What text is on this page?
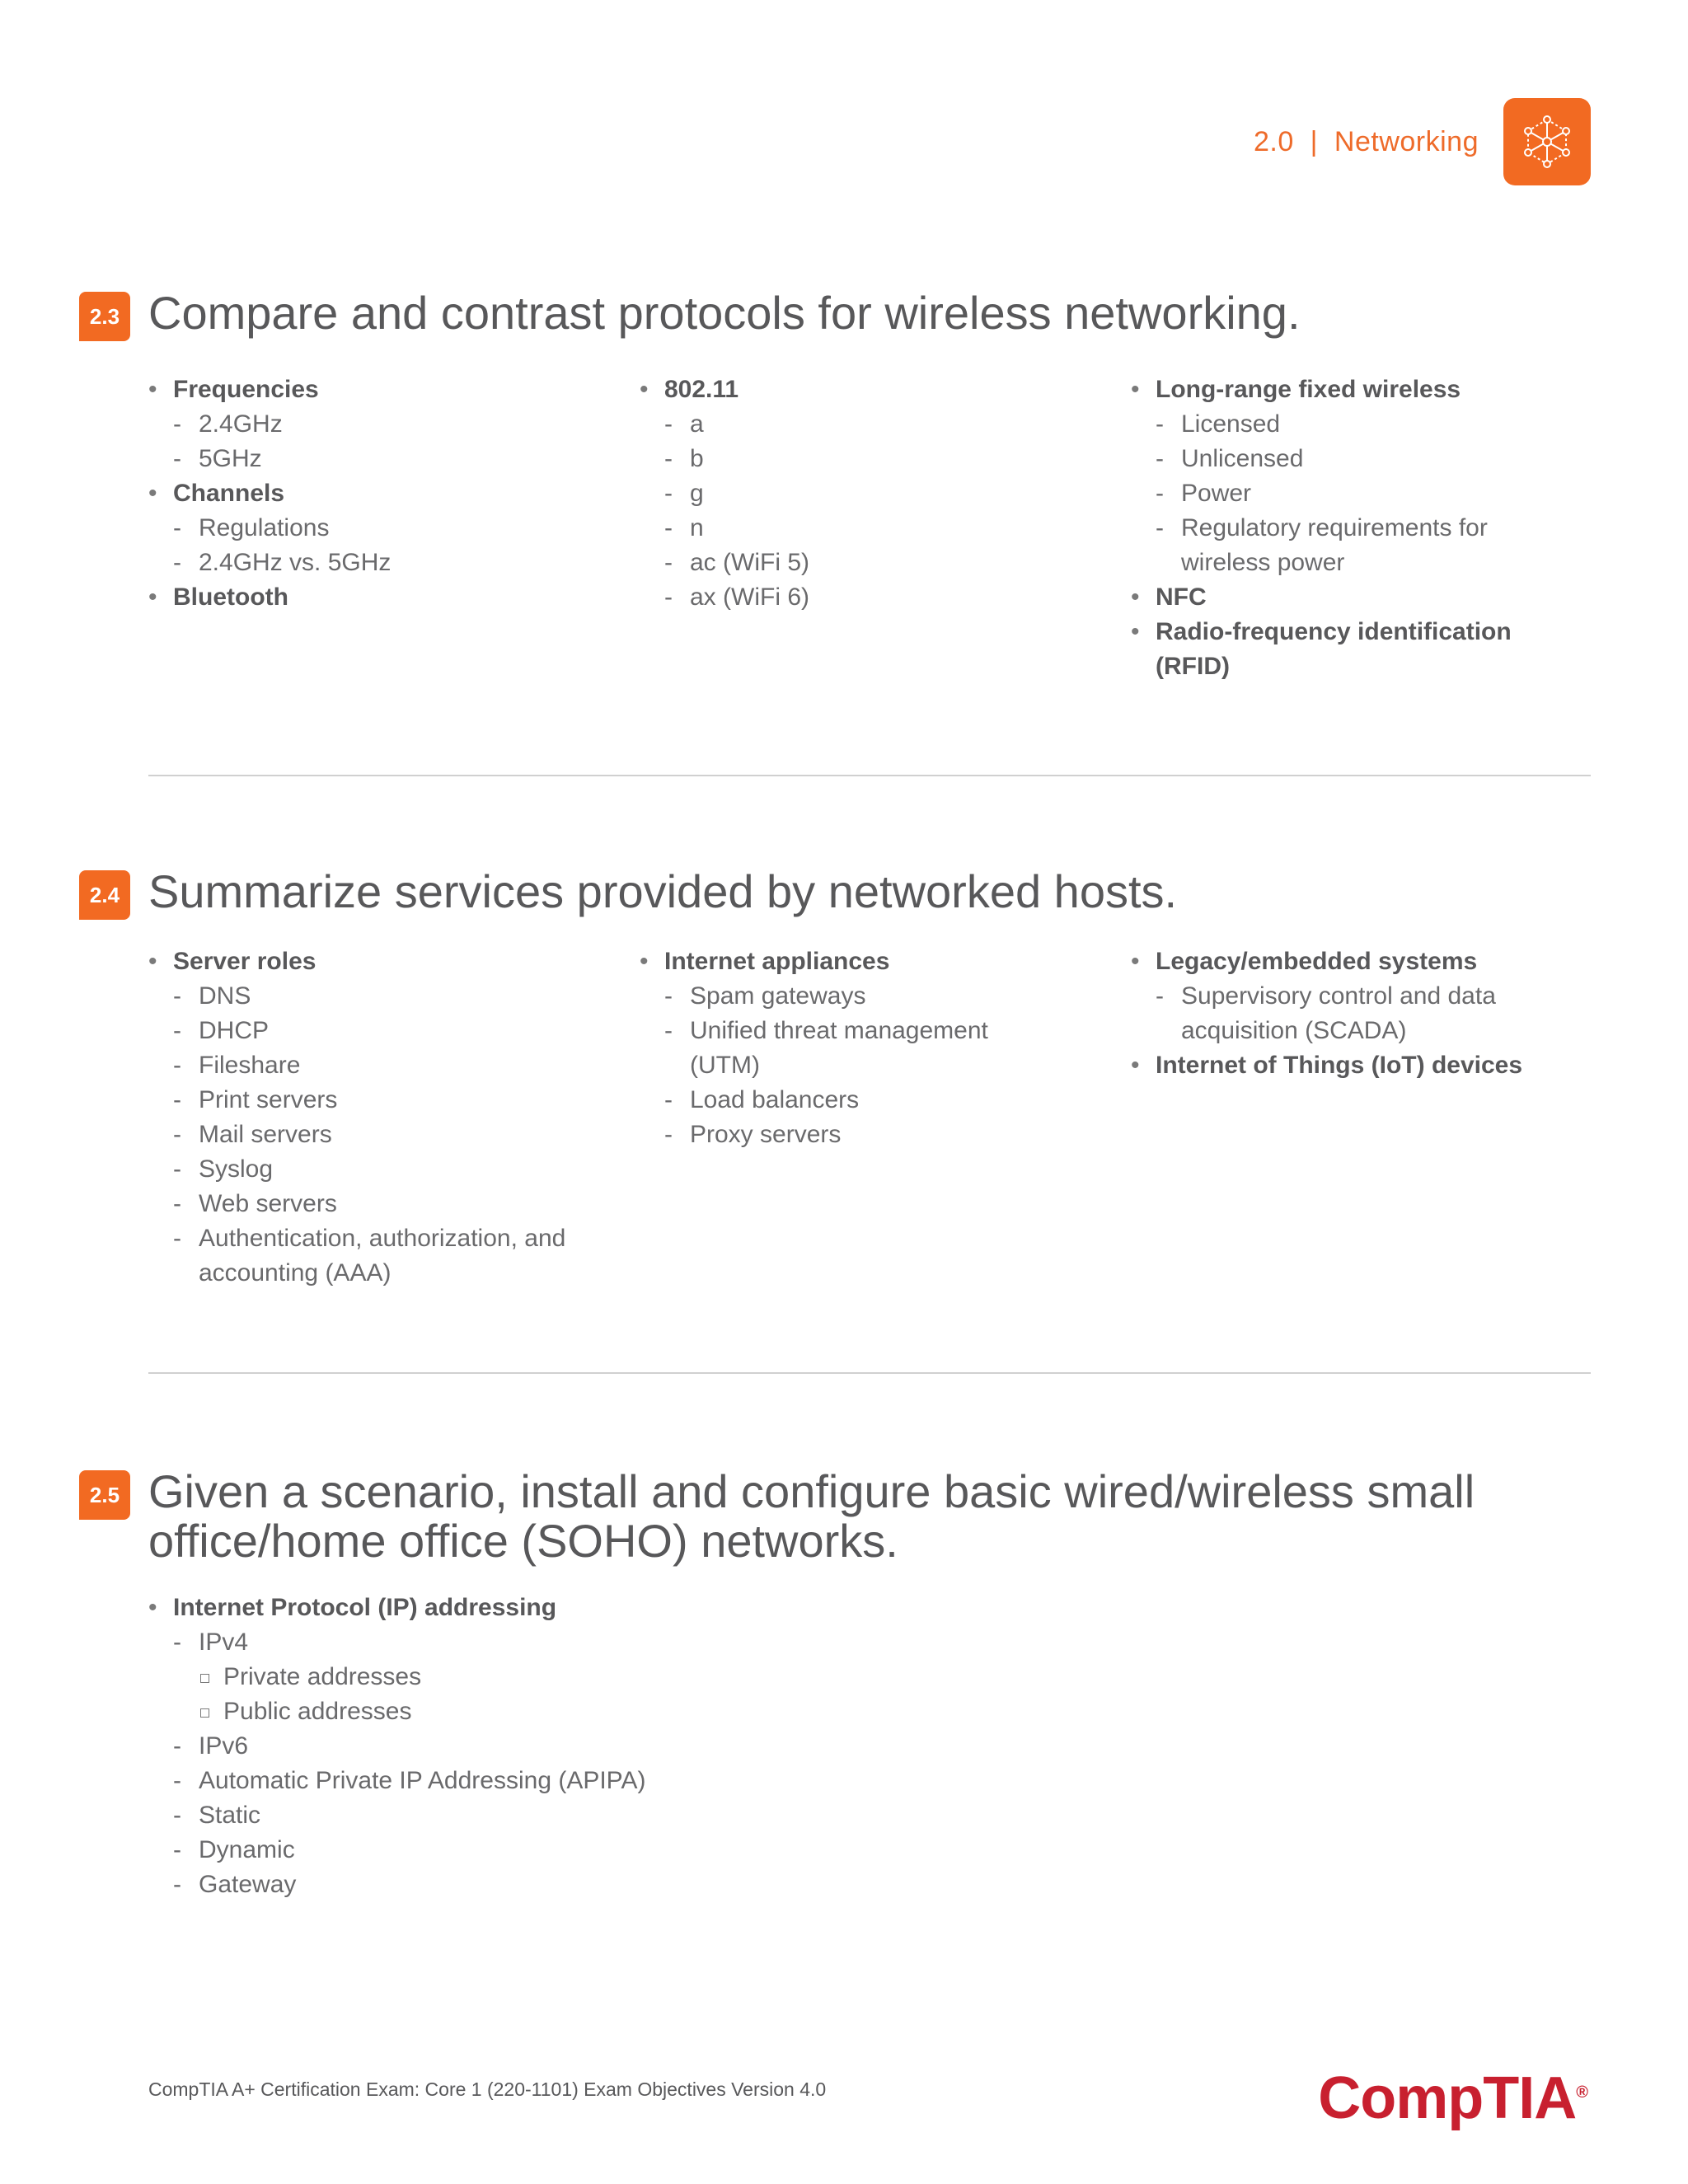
2.0 | Networking
2.3 Compare and contrast protocols for wireless networking.
• Frequencies
- 2.4GHz
- 5GHz
• Channels
- Regulations
- 2.4GHz vs. 5GHz
• Bluetooth
• 802.11
- a
- b
- g
- n
- ac (WiFi 5)
- ax (WiFi 6)
• Long-range fixed wireless
- Licensed
- Unlicensed
- Power
- Regulatory requirements for wireless power
• NFC
• Radio-frequency identification (RFID)
2.4 Summarize services provided by networked hosts.
• Server roles
- DNS
- DHCP
- Fileshare
- Print servers
- Mail servers
- Syslog
- Web servers
- Authentication, authorization, and accounting (AAA)
• Internet appliances
- Spam gateways
- Unified threat management (UTM)
- Load balancers
- Proxy servers
• Legacy/embedded systems
- Supervisory control and data acquisition (SCADA)
• Internet of Things (IoT) devices
2.5 Given a scenario, install and configure basic wired/wireless small office/home office (SOHO) networks.
• Internet Protocol (IP) addressing
- IPv4
Private addresses
Public addresses
- IPv6
- Automatic Private IP Addressing (APIPA)
- Static
- Dynamic
- Gateway
CompTIA A+ Certification Exam: Core 1 (220-1101) Exam Objectives Version 4.0	CompTIA®
